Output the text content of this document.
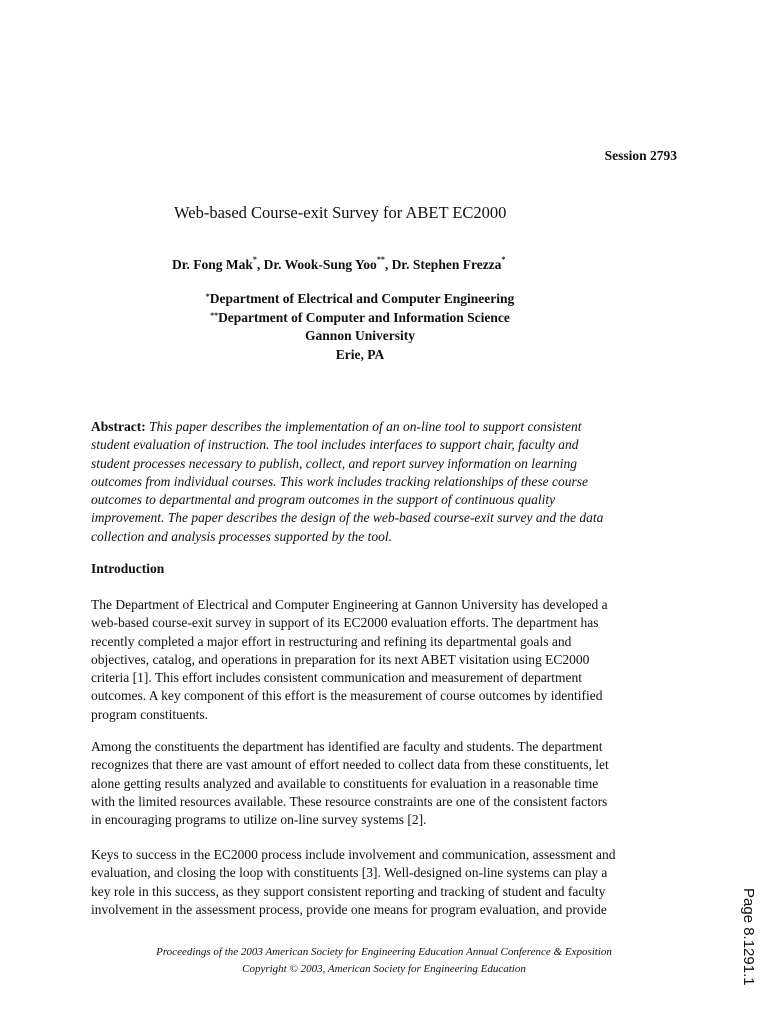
Session 2793
Web-based Course-exit Survey for ABET EC2000
Dr. Fong Mak*, Dr. Wook-Sung Yoo**, Dr. Stephen Frezza*
*Department of Electrical and Computer Engineering
**Department of Computer and Information Science
Gannon University
Erie, PA
Abstract: This paper describes the implementation of an on-line tool to support consistent
student evaluation of instruction. The tool includes interfaces to support chair, faculty and
student processes necessary to publish, collect, and report survey information on learning
outcomes from individual courses. This work includes tracking relationships of these course
outcomes to departmental and program outcomes in the support of continuous quality
improvement. The paper describes the design of the web-based course-exit survey and the data
collection and analysis processes supported by the tool.
Introduction
The Department of Electrical and Computer Engineering at Gannon University has developed a
web-based course-exit survey in support of its EC2000 evaluation efforts. The department has
recently completed a major effort in restructuring and refining its departmental goals and
objectives, catalog, and operations in preparation for its next ABET visitation using EC2000
criteria [1]. This effort includes consistent communication and measurement of department
outcomes. A key component of this effort is the measurement of course outcomes by identified
program constituents.
Among the constituents the department has identified are faculty and students. The department
recognizes that there are vast amount of effort needed to collect data from these constituents, let
alone getting results analyzed and available to constituents for evaluation in a reasonable time
with the limited resources available. These resource constraints are one of the consistent factors
in encouraging programs to utilize on-line survey systems [2].
Keys to success in the EC2000 process include involvement and communication, assessment and
evaluation, and closing the loop with constituents [3]. Well-designed on-line systems can play a
key role in this success, as they support consistent reporting and tracking of student and faculty
involvement in the assessment process, provide one means for program evaluation, and provide
Proceedings of the 2003 American Society for Engineering Education Annual Conference & Exposition
Copyright © 2003, American Society for Engineering Education	Page 8.1291.1
